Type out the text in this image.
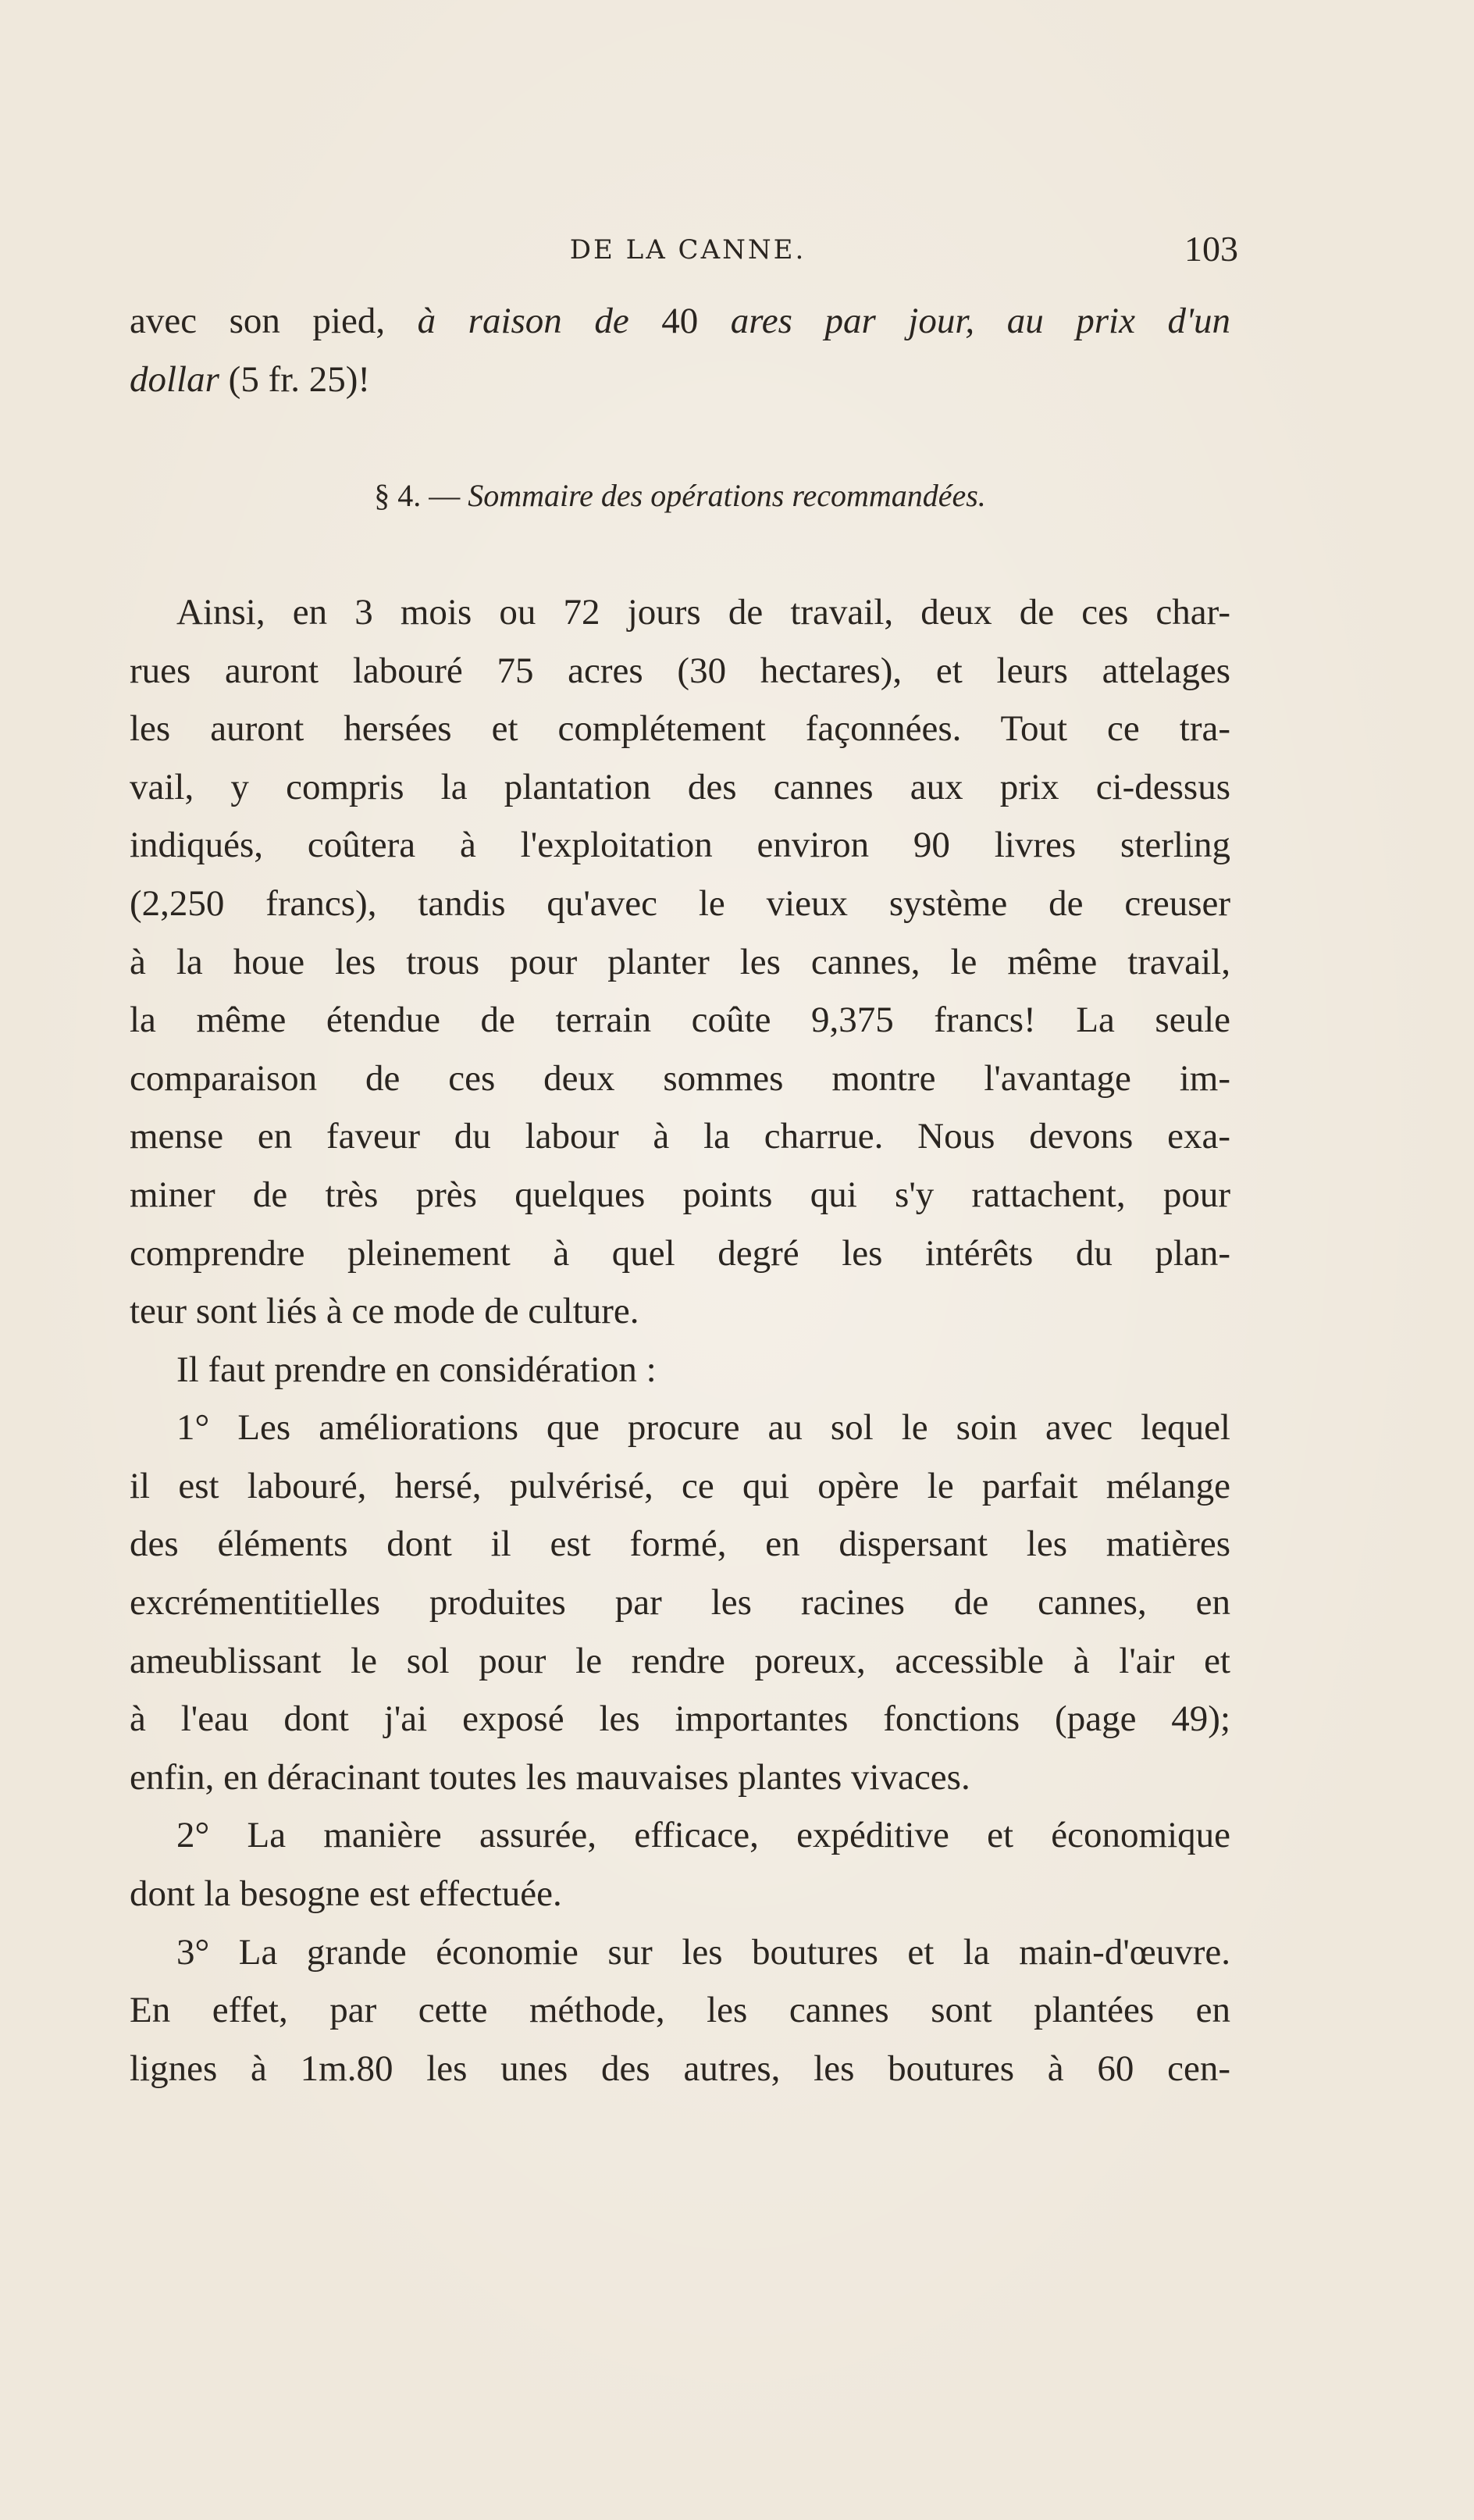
DE LA CANNE.	103
avec son pied, à raison de 40 ares par jour, au prix d'un
dollar (5 fr. 25)!
§ 4. — Sommaire des opérations recommandées.
Ainsi, en 3 mois ou 72 jours de travail, deux de ces char-
rues auront labouré 75 acres (30 hectares), et leurs attelages
les auront hersées et complétement façonnées. Tout ce tra-
vail, y compris la plantation des cannes aux prix ci-dessus
indiqués, coûtera à l'exploitation environ 90 livres sterling
(2,250 francs), tandis qu'avec le vieux système de creuser
à la houe les trous pour planter les cannes, le même travail,
la même étendue de terrain coûte 9,375 francs! La seule
comparaison de ces deux sommes montre l'avantage im-
mense en faveur du labour à la charrue. Nous devons exa-
miner de très près quelques points qui s'y rattachent, pour
comprendre pleinement à quel degré les intérêts du plan-
teur sont liés à ce mode de culture.
Il faut prendre en considération :
1° Les améliorations que procure au sol le soin avec lequel
il est labouré, hersé, pulvérisé, ce qui opère le parfait mélange
des éléments dont il est formé, en dispersant les matières
excrémentitielles produites par les racines de cannes, en
ameublissant le sol pour le rendre poreux, accessible à l'air et
à l'eau dont j'ai exposé les importantes fonctions (page 49);
enfin, en déracinant toutes les mauvaises plantes vivaces.
2° La manière assurée, efficace, expéditive et économique
dont la besogne est effectuée.
3° La grande économie sur les boutures et la main-d'œuvre.
En effet, par cette méthode, les cannes sont plantées en
lignes à 1m.80 les unes des autres, les boutures à 60 cen-
